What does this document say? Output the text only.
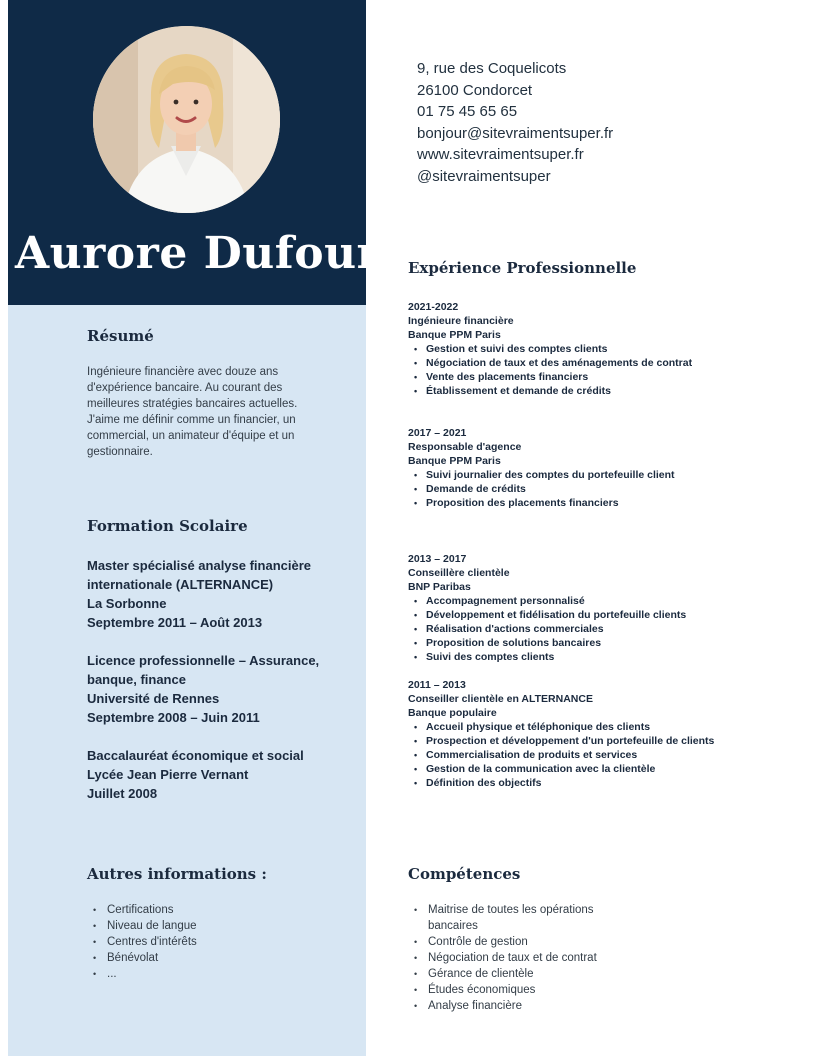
Aurore Dufour
9, rue des Coquelicots
26100 Condorcet
01 75 45 65 65
bonjour@sitevraimentsuper.fr
www.sitevraimentsuper.fr
@sitevraimentsuper
Résumé
Ingénieure financière avec douze ans d'expérience bancaire. Au courant des meilleures stratégies bancaires actuelles. J'aime me définir comme un financier, un commercial, un animateur d'équipe et un gestionnaire.
Formation Scolaire
Master spécialisé analyse financière internationale (ALTERNANCE)
La Sorbonne
Septembre 2011 – Août 2013
Licence professionnelle – Assurance, banque, finance
Université de Rennes
Septembre 2008 – Juin 2011
Baccalauréat économique et social
Lycée Jean Pierre Vernant
Juillet 2008
Autres informations :
• Certifications
• Niveau de langue
• Centres d'intérêts
• Bénévolat
• ...
Expérience Professionnelle
2021-2022
Ingénieure financière
Banque PPM Paris
• Gestion et suivi des comptes clients
• Négociation de taux et des aménagements de contrat
• Vente des placements financiers
• Établissement et demande de crédits
2017 – 2021
Responsable d'agence
Banque PPM Paris
• Suivi journalier des comptes du portefeuille client
• Demande de crédits
• Proposition des placements financiers
2013 – 2017
Conseillère clientèle
BNP Paribas
• Accompagnement personnalisé
• Développement et fidélisation du portefeuille clients
• Réalisation d'actions commerciales
• Proposition de solutions bancaires
• Suivi des comptes clients
2011 – 2013
Conseiller clientèle en ALTERNANCE
Banque populaire
• Accueil physique et téléphonique des clients
• Prospection et développement d'un portefeuille de clients
• Commercialisation de produits et services
• Gestion de la communication avec la clientèle
• Définition des objectifs
Compétences
• Maitrise de toutes les opérations bancaires
• Contrôle de gestion
• Négociation de taux et de contrat
• Gérance de clientèle
• Études économiques
• Analyse financière
